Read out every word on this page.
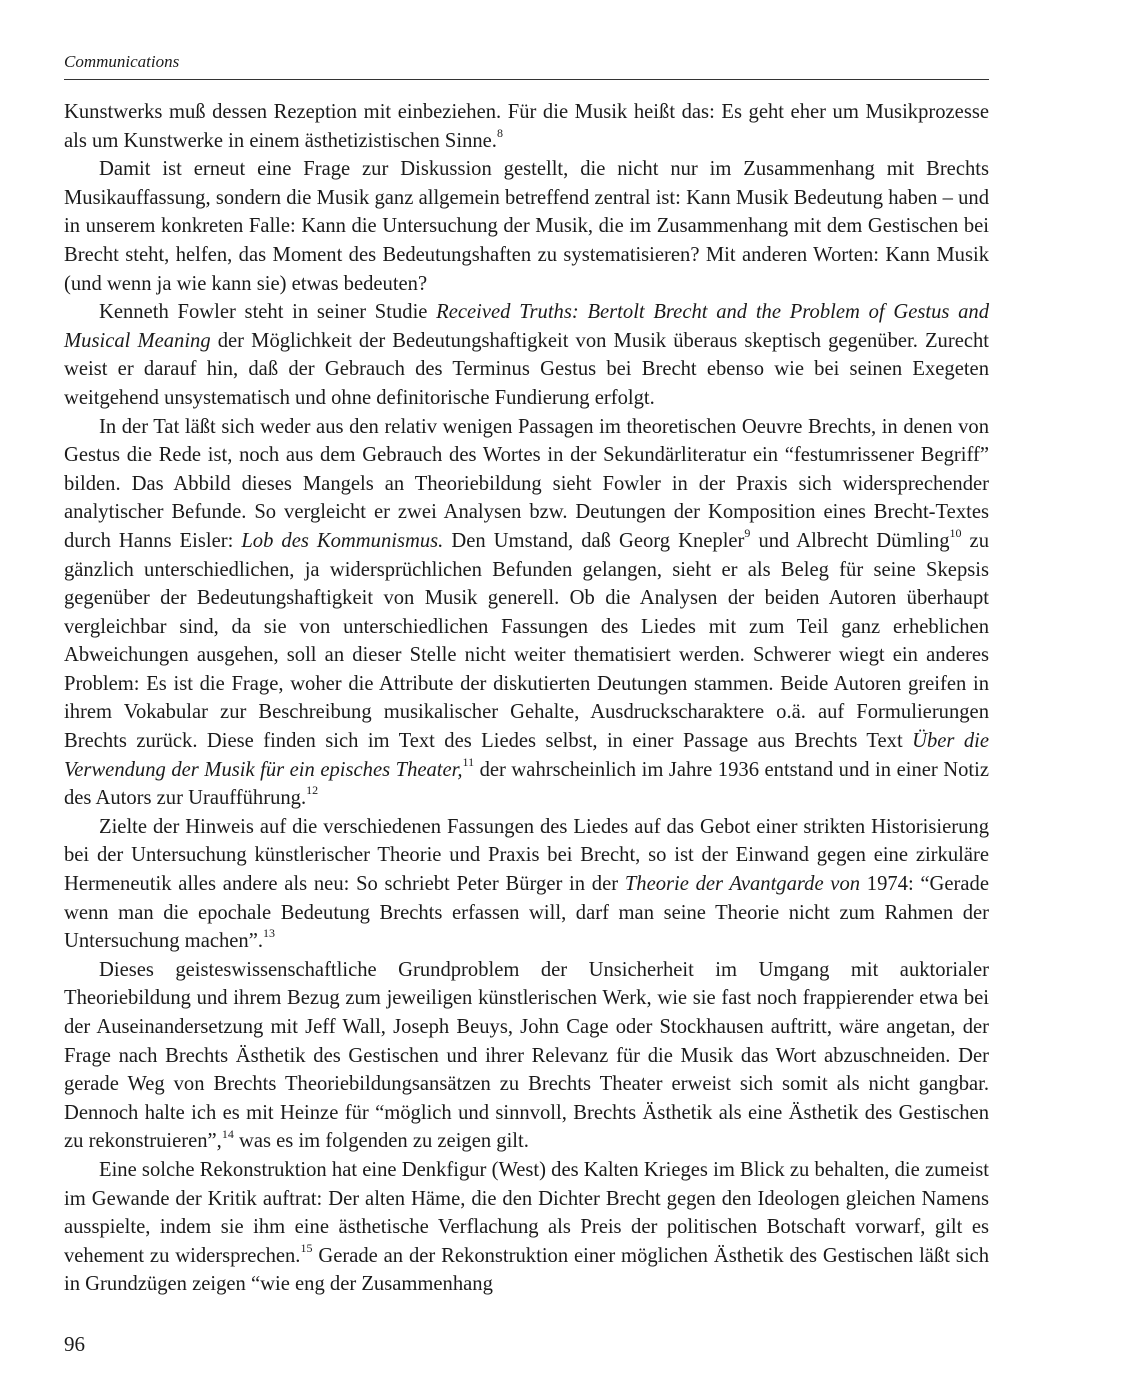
Communications

Kunstwerks muß dessen Rezeption mit einbeziehen. Für die Musik heißt das: Es geht eher um Musikprozesse als um Kunstwerke in einem ästhetizistischen Sinne.$^8$

Damit ist erneut eine Frage zur Diskussion gestellt, die nicht nur im Zusammenhang mit Brechts Musikauffassung, sondern die Musik ganz allgemein betreffend zentral ist: Kann Musik Bedeutung haben – und in unserem konkreten Falle: Kann die Untersuchung der Musik, die im Zusammenhang mit dem Gestischen bei Brecht steht, helfen, das Moment des Bedeutungshaften zu systematisieren? Mit anderen Worten: Kann Musik (und wenn ja wie kann sie) etwas bedeuten?

Kenneth Fowler steht in seiner Studie Received Truths: Bertolt Brecht and the Problem of Gestus and Musical Meaning der Möglichkeit der Bedeutungshaftigkeit von Musik überaus skeptisch gegenüber. Zurecht weist er darauf hin, daß der Gebrauch des Terminus Gestus bei Brecht ebenso wie bei seinen Exegeten weitgehend unsystematisch und ohne definitorische Fundierung erfolgt.

In der Tat läßt sich weder aus den relativ wenigen Passagen im theoretischen Oeuvre Brechts, in denen von Gestus die Rede ist, noch aus dem Gebrauch des Wortes in der Sekundärliteratur ein “festumrissener Begriff” bilden. Das Abbild dieses Mangels an Theoriebildung sieht Fowler in der Praxis sich widersprechender analytischer Befunde. So vergleicht er zwei Analysen bzw. Deutungen der Komposition eines Brecht-Textes durch Hanns Eisler: Lob des Kommunismus. Den Umstand, daß Georg Knepler$^9$ und Albrecht Dümling$^{10}$ zu gänzlich unterschiedlichen, ja widersprüchlichen Befunden gelangen, sieht er als Beleg für seine Skepsis gegenüber der Bedeutungshaftigkeit von Musik generell. Ob die Analysen der beiden Autoren überhaupt vergleichbar sind, da sie von unterschiedlichen Fassungen des Liedes mit zum Teil ganz erheblichen Abweichungen ausgehen, soll an dieser Stelle nicht weiter thematisiert werden. Schwerer wiegt ein anderes Problem: Es ist die Frage, woher die Attribute der diskutierten Deutungen stammen. Beide Autoren greifen in ihrem Vokabular zur Beschreibung musikalischer Gehalte, Ausdruckscharaktere o.ä. auf Formulierungen Brechts zurück. Diese finden sich im Text des Liedes selbst, in einer Passage aus Brechts Text Über die Verwendung der Musik für ein episches Theater,$^{11}$ der wahrscheinlich im Jahre 1936 entstand und in einer Notiz des Autors zur Uraufführung.$^{12}$

Zielte der Hinweis auf die verschiedenen Fassungen des Liedes auf das Gebot einer strikten Historisierung bei der Untersuchung künstlerischer Theorie und Praxis bei Brecht, so ist der Einwand gegen eine zirkuläre Hermeneutik alles andere als neu: So schriebt Peter Bürger in der Theorie der Avantgarde von 1974: “Gerade wenn man die epochale Bedeutung Brechts erfassen will, darf man seine Theorie nicht zum Rahmen der Untersuchung machen”.$^{13}$

Dieses geisteswissenschaftliche Grundproblem der Unsicherheit im Umgang mit auktorialer Theoriebildung und ihrem Bezug zum jeweiligen künstlerischen Werk, wie sie fast noch frappierender etwa bei der Auseinandersetzung mit Jeff Wall, Joseph Beuys, John Cage oder Stockhausen auftritt, wäre angetan, der Frage nach Brechts Ästhetik des Gestischen und ihrer Relevanz für die Musik das Wort abzuschneiden. Der gerade Weg von Brechts Theoriebildungsansätzen zu Brechts Theater erweist sich somit als nicht gangbar. Dennoch halte ich es mit Heinze für “möglich und sinnvoll, Brechts Ästhetik als eine Ästhetik des Gestischen zu rekonstruieren”,$^{14}$ was es im folgenden zu zeigen gilt.

Eine solche Rekonstruktion hat eine Denkfigur (West) des Kalten Krieges im Blick zu behalten, die zumeist im Gewande der Kritik auftrat: Der alten Häme, die den Dichter Brecht gegen den Ideologen gleichen Namens ausspielte, indem sie ihm eine ästhetische Verflachung als Preis der politischen Botschaft vorwarf, gilt es vehement zu widersprechen.$^{15}$ Gerade an der Rekonstruktion einer möglichen Ästhetik des Gestischen läßt sich in Grundzügen zeigen “wie eng der Zusammenhang

96
